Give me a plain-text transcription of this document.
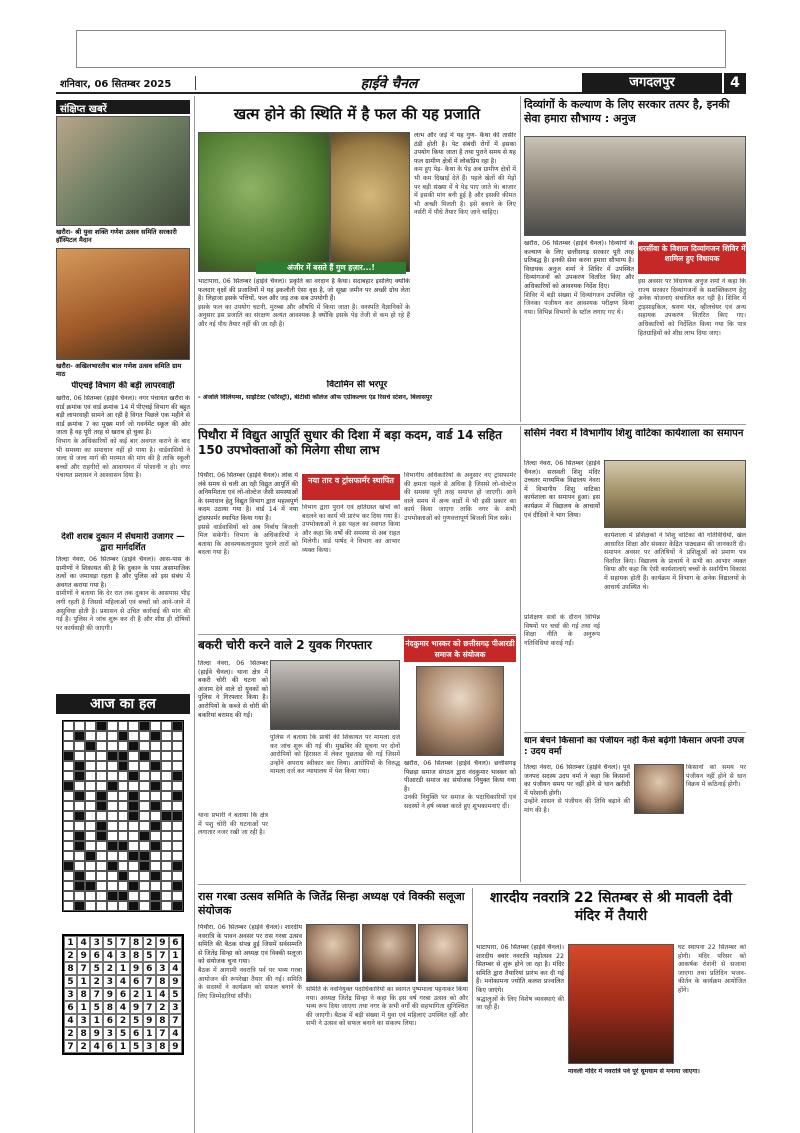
शनिवार, 06 सितम्बर 2025	हाईवे चैनल	जगदलपुर	4
संक्षिप्त खबरें
खरौरा- श्री युवा शक्ति गणेश उत्सव समिति सरकारी हॉस्पिटल मैदान
खरौरा- अखिलभारतीय बाल गणेश उत्सव समिति ग्राम माठ
पीएचई विभाग की बड़ी लापरवाही
खरौरा, 06 सितम्बर (हाईवे चैनल)। नगर पंचायत खरौरा के वार्ड क्रमांक एवं वार्ड क्रमांक 14 में पीएचई विभाग की बहुत बड़ी लापरवाही सामने आ रही है विगत पिछले एक महीने से वार्ड क्रमांक 7 का मुख्य मार्ग जो गवर्नमेंट स्कूल की ओर जाता है वह पूरी तरह से खराब हो चुका है।
विभाग के अधिकारियों को कई बार अवगत कराने के बाद भी समस्या का समाधान नहीं हो पाया है। वार्डवासियों ने जल्द से जल्द मार्ग की मरम्मत की मांग की है ताकि स्कूली बच्चों और राहगीरों को आवागमन में परेशानी न हो। नगर पंचायत प्रशासन ने आश्वासन दिया है।
देशी शराब दुकान में सेंधमारी उजागर — द्वारा मार्गदर्शित
तिल्दा नेवरा, 06 सितम्बर (हाईवे चैनल)। आस-पास के ग्रामीणों ने शिकायत की है कि दुकान के पास असामाजिक तत्वों का जमावड़ा रहता है और पुलिस को इस संबंध में अवगत कराया गया है।
ग्रामीणों ने बताया कि देर रात तक दुकान के आसपास भीड़ लगी रहती है जिससे महिलाओं एवं बच्चों को आने-जाने में असुविधा होती है। प्रशासन से उचित कार्रवाई की मांग की गई है। पुलिस ने जांच शुरू कर दी है और शीघ्र ही दोषियों पर कार्यवाही की जाएगी।
आज का हल
1 4 3 5 7 8 2 9 6
2 9 6 4 3 8 5 7 1
8 7 5 2 1 9 6 3 4
5 1 2 3 4 6 7 8 9
3 8 7 9 6 2 1 4 5
6 1 5 8 4 9 7 2 3
4 3 1 6 2 5 9 8 7
2 8 9 3 5 6 1 7 4
7 2 4 6 1 5 3 8 9
खत्म होने की स्थिति में है फल की यह प्रजाति
अंजीर में बसते हैं गुण हज़ार...!
भाटापारा, 06 सितम्बर (हाईवे चैनल)। प्रकृति का वरदान है कैथा। सदाबहार इसलिए क्योंकि फलदार वृक्षों की प्रजातियों में यह इकलौती ऐसा वृक्ष है, जो सूखा जमीन पर अच्छी ग्रोथ लेता है। लिहाजा इसके पत्तियों, फल और जड़ तक सब उपयोगी हैं।
इसके फल का उपयोग चटनी, मुरब्बा और औषधि में किया जाता है। वनस्पति वैज्ञानिकों के अनुसार इस प्रजाति का संरक्षण अत्यंत आवश्यक है क्योंकि इसके पेड़ तेजी से कम हो रहे हैं और नई पौध तैयार नहीं की जा रही है।
लाभ और जड़ें में यह गुण- कैथा की तासीर ठंडी होती है। पेट संबंधी रोगों में इसका उपयोग किया जाता है तथा पुराने समय से यह फल ग्रामीण क्षेत्रों में लोकप्रिय रहा है।
कम हुए पेड़- कैथा के पेड़ अब ग्रामीण क्षेत्रों में भी कम दिखाई देते हैं। पहले खेतों की मेड़ों पर बड़ी संख्या में ये पेड़ पाए जाते थे। बाजार में इसकी मांग बनी हुई है और इसकी कीमत भी अच्छी मिलती है। इसे बचाने के लिए नर्सरी में पौधे तैयार किए जाने चाहिए।
विटामिन सी भरपूर
- अंजलि विलियम्स, साइंटिस्ट (फॉरेस्ट्री), बीटीसी कॉलेज ऑफ एग्रीकल्चर एंड रिसर्च स्टेशन, बिलासपुर
दिव्यांगों के कल्याण के लिए सरकार तत्पर है, इनकी सेवा हमारा सौभाग्य : अनुज
खरौरा, 06 सितम्बर (हाईवे चैनल)। दिव्यांगों के कल्याण के लिए छत्तीसगढ़ सरकार पूरी तरह प्रतिबद्ध है। इनकी सेवा करना हमारा सौभाग्य है। विधायक अनुज शर्मा ने शिविर में उपस्थित दिव्यांगजनों को उपकरण वितरित किए और अधिकारियों को आवश्यक निर्देश दिए।
शिविर में बड़ी संख्या में दिव्यांगजन उपस्थित रहे जिनका पंजीयन कर आवश्यक परीक्षण किया गया। विभिन्न विभागों के स्टॉल लगाए गए थे।
धरसींवा के विशाल दिव्यांगजन शिविर में शामिल हुए विधायक
इस अवसर पर विधायक अनुज शर्मा ने कहा कि राज्य सरकार दिव्यांगजनों के सशक्तिकरण हेतु अनेक योजनाएं संचालित कर रही है। शिविर में ट्राइसाइकिल, श्रवण यंत्र, व्हीलचेयर एवं अन्य सहायक उपकरण वितरित किए गए। अधिकारियों को निर्देशित किया गया कि पात्र हितग्राहियों को शीघ्र लाभ दिया जाए।
पिथौरा में विद्युत आपूर्ति सुधार की दिशा में बड़ा कदम, वार्ड 14 सहित 150 उपभोक्ताओं को मिलेगा सीधा लाभ
पिथौरा, 06 सितम्बर (हाईवे चैनल)। लोक में लंबे समय से चली आ रही विद्युत आपूर्ति की अनियमितता एवं लो-वोल्टेज जैसी समस्याओं के समाधान हेतु विद्युत विभाग द्वारा महत्वपूर्ण कदम उठाया गया है। वार्ड 14 में नया ट्रांसफार्मर स्थापित किया गया है।
इससे वार्डवासियों को अब निर्बाध बिजली मिल सकेगी। विभाग के अधिकारियों ने बताया कि आवश्यकतानुसार पुराने तारों को बदला गया है।
नया तार व ट्रांसफार्मर स्थापित
विभाग द्वारा पुराने एवं क्षतिग्रस्त खंभों को बदलने का कार्य भी प्रारंभ कर दिया गया है। उपभोक्ताओं ने इस पहल का स्वागत किया और कहा कि वर्षों की समस्या से अब राहत मिलेगी। वार्ड पार्षद ने विभाग का आभार व्यक्त किया।
विभागीय अधिकारियों के अनुसार नए ट्रांसफार्मर की क्षमता पहले से अधिक है जिससे लो-वोल्टेज की समस्या पूरी तरह समाप्त हो जाएगी। आने वाले समय में अन्य वार्डों में भी इसी प्रकार का कार्य किया जाएगा ताकि नगर के सभी उपभोक्ताओं को गुणवत्तापूर्ण बिजली मिल सके।
बकरी चोरी करने वाले 2 युवक गिरफ्तार
तिल्दा नेवरा, 06 सितम्बर (हाईवे चैनल)। थाना क्षेत्र में बकरी चोरी की घटना को अंजाम देने वाले दो युवकों को पुलिस ने गिरफ्तार किया है। आरोपियों के कब्जे से चोरी की बकरियां बरामद की गईं।
पुलिस ने बताया कि प्रार्थी की शिकायत पर मामला दर्ज कर जांच शुरू की गई थी। मुखबिर की सूचना पर दोनों आरोपियों को हिरासत में लेकर पूछताछ की गई जिसमें उन्होंने अपराध स्वीकार कर लिया। आरोपियों के विरुद्ध मामला दर्ज कर न्यायालय में पेश किया गया।
थाना प्रभारी ने बताया कि क्षेत्र में पशु चोरी की घटनाओं पर लगातार नजर रखी जा रही है।
नंदकुमार भास्कर को छत्तीसगढ़ पीआरडी समाज के संयोजक
खरौरा, 06 सितम्बर (हाईवे चैनल)। छत्तीसगढ़ पिछड़ा समाज संगठन द्वारा नंदकुमार भास्कर को पीआरडी समाज का संयोजक नियुक्त किया गया है।
उनकी नियुक्ति पर समाज के पदाधिकारियों एवं सदस्यों ने हर्ष व्यक्त करते हुए शुभकामनाएं दीं।
ससिमं नेवरा में विभागीय शिशु वाटिका कार्यशाला का समापन
तिल्दा नेवरा, 06 सितम्बर (हाईवे चैनल)। सरस्वती शिशु मंदिर उच्चतर माध्यमिक विद्यालय नेवरा में विभागीय शिशु वाटिका कार्यशाला का समापन हुआ। इस कार्यक्रम में विद्यालय के आचार्यों एवं दीदियों ने भाग लिया।
कार्यशाला में प्रशिक्षकों ने शिशु वाटिका की गतिविधियों, खेल आधारित शिक्षा और संस्कार केंद्रित पाठ्यक्रम की जानकारी दी। समापन अवसर पर अतिथियों ने प्रशिक्षुओं को प्रमाण पत्र वितरित किए। विद्यालय के प्राचार्य ने सभी का आभार व्यक्त किया और कहा कि ऐसी कार्यशालाएं बच्चों के सर्वांगीण विकास में सहायक होती हैं। कार्यक्रम में विभाग के अनेक विद्यालयों के आचार्य उपस्थित थे।
प्रशिक्षण सत्रों के दौरान विभिन्न विषयों पर चर्चा की गई तथा नई शिक्षा नीति के अनुरूप गतिविधियां कराई गईं।
धान बेचने किसानों का पंजीयन नहीं कैसे बढ़ेगी किसान अपनी उपज : उदय वर्मा
तिल्दा नेवरा, 06 सितम्बर (हाईवे चैनल)। पूर्व जनपद सदस्य उदय वर्मा ने कहा कि किसानों का पंजीयन समय पर नहीं होने से धान खरीदी में परेशानी होगी।
उन्होंने शासन से पंजीयन की तिथि बढ़ाने की मांग की है।
किसानों को समय पर पंजीयन नहीं होने से धान विक्रय में कठिनाई होगी।
रास गरबा उत्सव समिति के जितेंद्र सिन्हा अध्यक्ष एवं विक्की सलूजा संयोजक
पिथौरा, 06 सितम्बर (हाईवे चैनल)। शारदीय नवरात्रि के पावन अवसर पर रास गरबा उत्सव समिति की बैठक संपन्न हुई जिसमें सर्वसम्मति से जितेंद्र सिन्हा को अध्यक्ष एवं विक्की सलूजा को संयोजक चुना गया।
बैठक में आगामी नवरात्रि पर्व पर भव्य गरबा आयोजन की रूपरेखा तैयार की गई। समिति के सदस्यों ने कार्यक्रम को सफल बनाने के लिए जिम्मेदारियां सौंपी।
समिति के नवनियुक्त पदाधिकारियों का स्वागत पुष्पमाला पहनाकर किया गया। अध्यक्ष जितेंद्र सिन्हा ने कहा कि इस वर्ष गरबा उत्सव को और भव्य रूप दिया जाएगा तथा नगर के सभी वर्गों की सहभागिता सुनिश्चित की जाएगी। बैठक में बड़ी संख्या में युवा एवं महिलाएं उपस्थित रहीं और सभी ने उत्सव को सफल बनाने का संकल्प लिया।
शारदीय नवरात्रि 22 सितम्बर से श्री मावली देवी मंदिर में तैयारी
भाटापारा, 06 सितम्बर (हाईवे चैनल)। शारदीय क्वांर नवरात्रि महोत्सव 22 सितम्बर से शुरू होने जा रहा है। मंदिर समिति द्वारा तैयारियां प्रारंभ कर दी गई हैं। मनोकामना ज्योति कलश प्रज्वलित किए जाएंगे।
श्रद्धालुओं के लिए विशेष व्यवस्थाएं की जा रही हैं।
घट स्थापना 22 सितम्बर को होगी। मंदिर परिसर को आकर्षक रोशनी से सजाया जाएगा तथा प्रतिदिन भजन-कीर्तन के कार्यक्रम आयोजित होंगे।
मावली मंदिर में नवरात्रि पर्व पूरे धूमधाम से मनाया जाएगा।
